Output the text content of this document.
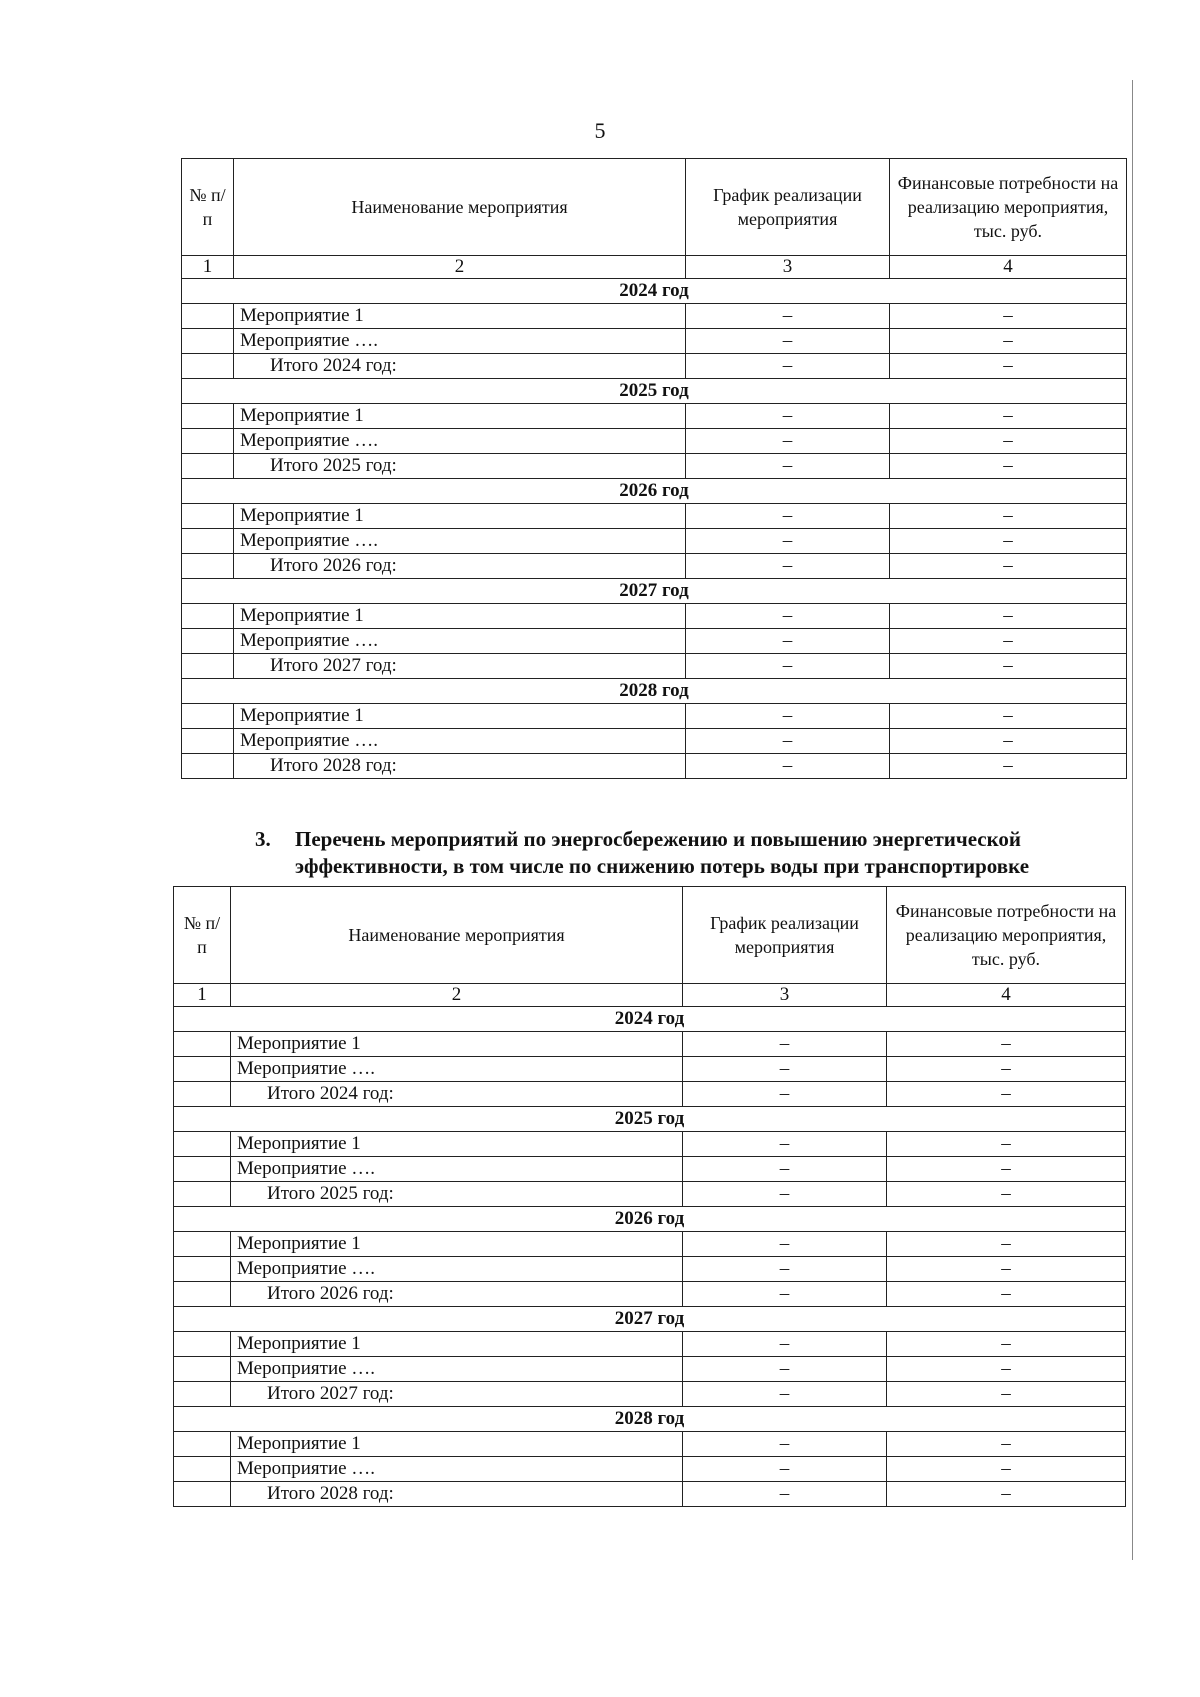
5
№ п/п	Наименование мероприятия	График реализации мероприятия	Финансовые потребности на реализацию мероприятия, тыс. руб.
1	2	3	4
2024 год			
	Мероприятие 1	–	–
	Мероприятие ….	–	–
	Итого 2024 год:	–	–
2025 год			
	Мероприятие 1	–	–
	Мероприятие ….	–	–
	Итого 2025 год:	–	–
2026 год			
	Мероприятие 1	–	–
	Мероприятие ….	–	–
	Итого 2026 год:	–	–
2027 год			
	Мероприятие 1	–	–
	Мероприятие ….	–	–
	Итого 2027 год:	–	–
2028 год			
	Мероприятие 1	–	–
	Мероприятие ….	–	–
	Итого 2028 год:	–	–
3. Перечень мероприятий по энергосбережению и повышению энергетической
эффективности, в том числе по снижению потерь воды при транспортировке
№ п/п	Наименование мероприятия	График реализации мероприятия	Финансовые потребности на реализацию мероприятия, тыс. руб.
1	2	3	4
2024 год			
	Мероприятие 1	–	–
	Мероприятие ….	–	–
	Итого 2024 год:	–	–
2025 год			
	Мероприятие 1	–	–
	Мероприятие ….	–	–
	Итого 2025 год:	–	–
2026 год			
	Мероприятие 1	–	–
	Мероприятие ….	–	–
	Итого 2026 год:	–	–
2027 год			
	Мероприятие 1	–	–
	Мероприятие ….	–	–
	Итого 2027 год:	–	–
2028 год			
	Мероприятие 1	–	–
	Мероприятие ….	–	–
	Итого 2028 год:	–	–
